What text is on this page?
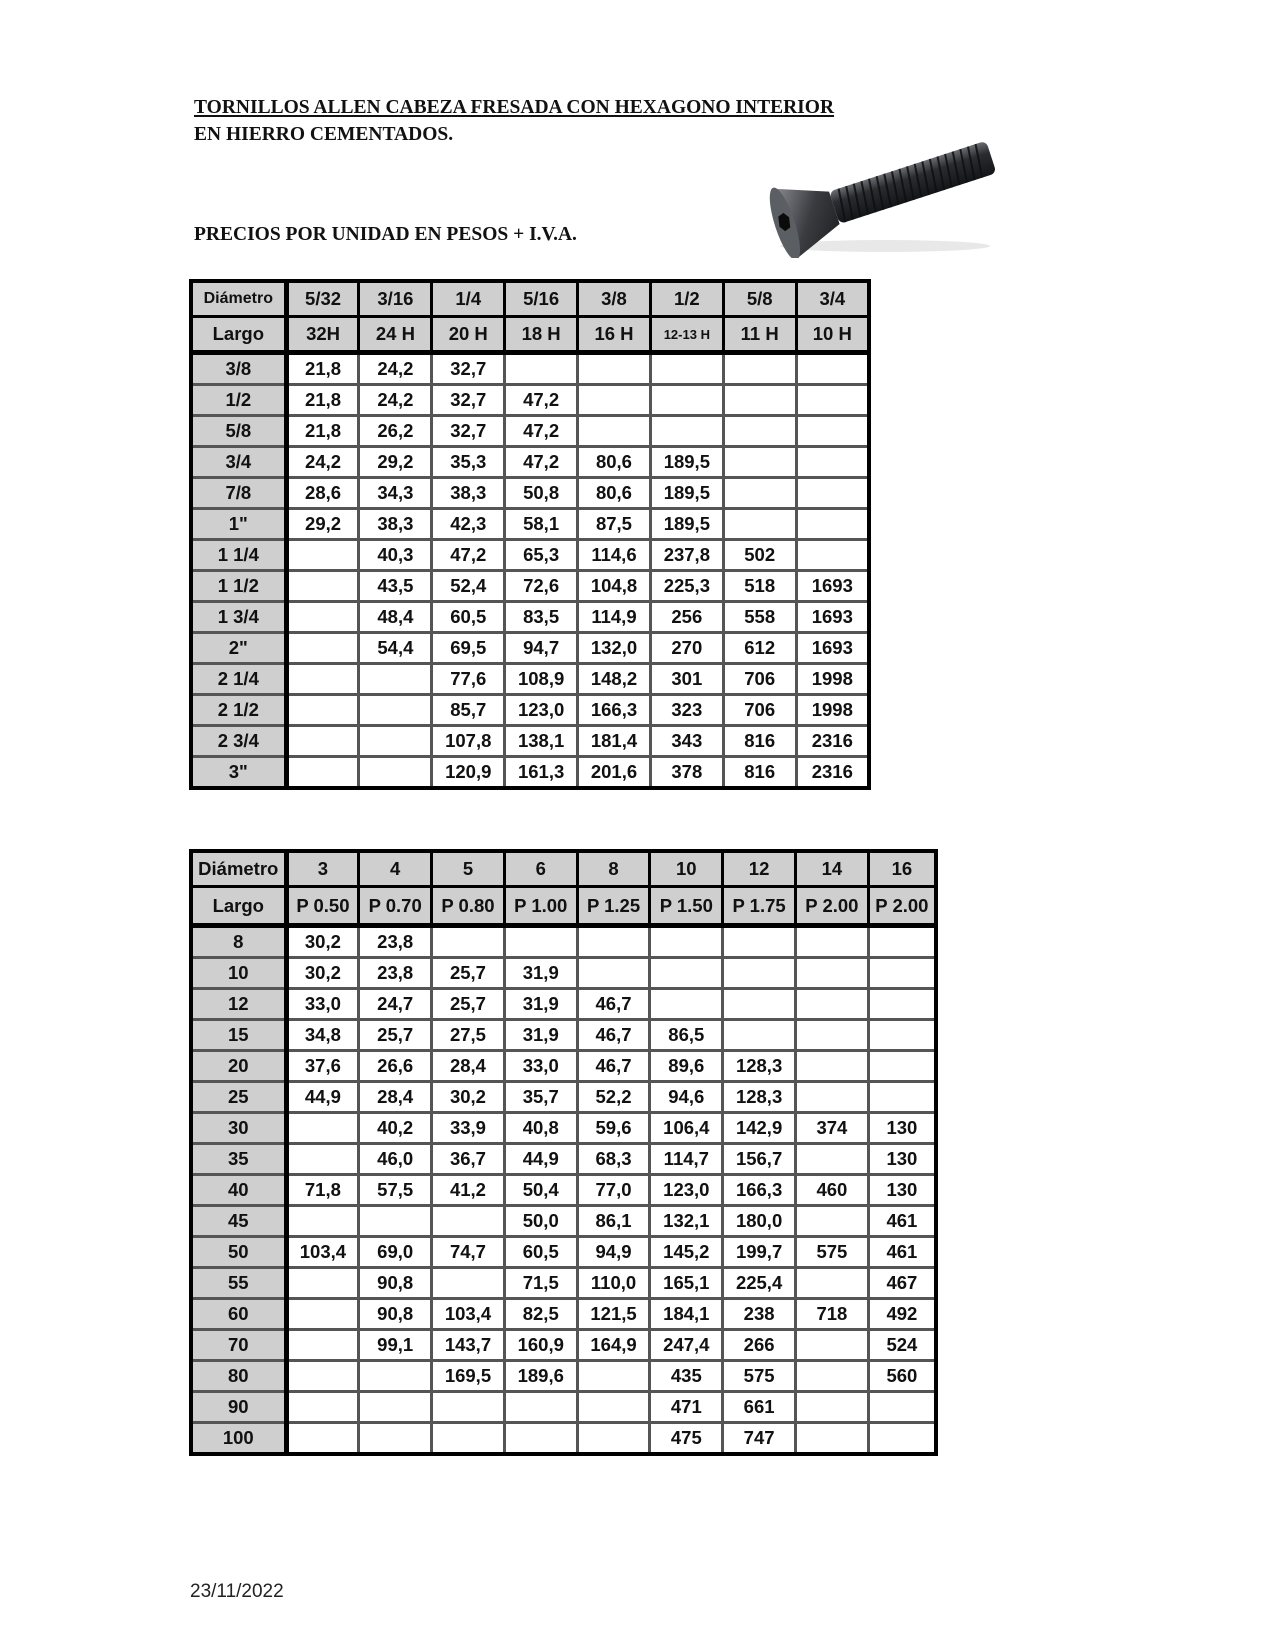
TORNILLOS ALLEN CABEZA FRESADA CON HEXAGONO INTERIOR
EN HIERRO CEMENTADOS.
PRECIOS POR UNIDAD EN PESOS + I.V.A.
Diámetro	5/32	3/16	1/4	5/16	3/8	1/2	5/8	3/4
Largo	32H	24 H	20 H	18 H	16 H	12-13 H	11 H	10 H
3/8	21,8	24,2	32,7					
1/2	21,8	24,2	32,7	47,2				
5/8	21,8	26,2	32,7	47,2				
3/4	24,2	29,2	35,3	47,2	80,6	189,5		
7/8	28,6	34,3	38,3	50,8	80,6	189,5		
1"	29,2	38,3	42,3	58,1	87,5	189,5		
1 1/4		40,3	47,2	65,3	114,6	237,8	502	
1 1/2		43,5	52,4	72,6	104,8	225,3	518	1693
1 3/4		48,4	60,5	83,5	114,9	256	558	1693
2"		54,4	69,5	94,7	132,0	270	612	1693
2 1/4			77,6	108,9	148,2	301	706	1998
2 1/2			85,7	123,0	166,3	323	706	1998
2 3/4			107,8	138,1	181,4	343	816	2316
3"			120,9	161,3	201,6	378	816	2316
Diámetro	3	4	5	6	8	10	12	14	16
Largo	P 0.50	P 0.70	P 0.80	P 1.00	P 1.25	P 1.50	P 1.75	P 2.00	P 2.00
8	30,2	23,8							
10	30,2	23,8	25,7	31,9					
12	33,0	24,7	25,7	31,9	46,7				
15	34,8	25,7	27,5	31,9	46,7	86,5			
20	37,6	26,6	28,4	33,0	46,7	89,6	128,3		
25	44,9	28,4	30,2	35,7	52,2	94,6	128,3		
30		40,2	33,9	40,8	59,6	106,4	142,9	374	130
35		46,0	36,7	44,9	68,3	114,7	156,7		130
40	71,8	57,5	41,2	50,4	77,0	123,0	166,3	460	130
45				50,0	86,1	132,1	180,0		461
50	103,4	69,0	74,7	60,5	94,9	145,2	199,7	575	461
55		90,8		71,5	110,0	165,1	225,4		467
60		90,8	103,4	82,5	121,5	184,1	238	718	492
70		99,1	143,7	160,9	164,9	247,4	266		524
80			169,5	189,6		435	575		560
90						471	661		
100						475	747		
23/11/2022
